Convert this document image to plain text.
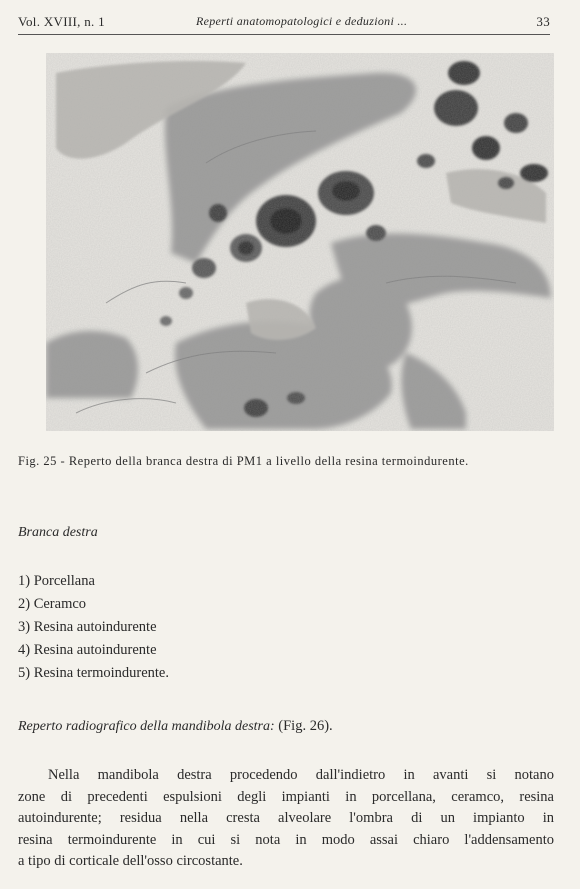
Vol. XVIII, n. 1	Reperti anatomopatologici e deduzioni ...	33
Fig. 25 - Reperto della branca destra di PM1 a livello della resina termoindurente.
Branca destra
1) Porcellana
2) Ceramco
3) Resina autoindurente
4) Resina autoindurente
5) Resina termoindurente.
Reperto radiografico della mandibola destra: (Fig. 26).

Nella mandibola destra procedendo dall'indietro in avanti si notano
zone di precedenti espulsioni degli impianti in porcellana, ceramco, resina
autoindurente; residua nella cresta alveolare l'ombra di un impianto in
resina termoindurente in cui si nota in modo assai chiaro l'addensamento
a tipo di corticale dell'osso circostante.
